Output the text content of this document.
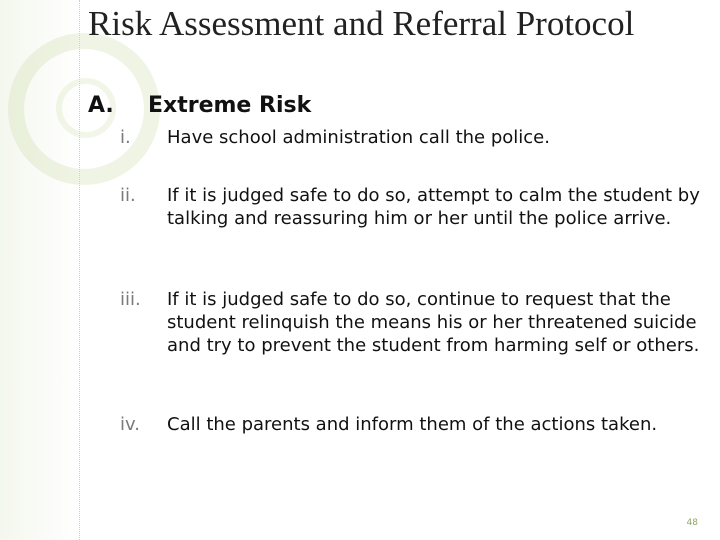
Risk Assessment and Referral Protocol
A. Extreme Risk
i.	Have school administration call the police.
ii.	If it is judged safe to do so, attempt to calm the student by talking and reassuring him or her until the police arrive.
iii.	If it is judged safe to do so, continue to request that the student relinquish the means his or her threatened suicide and try to prevent the student from harming self or others.
iv.	Call the parents and inform them of the actions taken.
48
